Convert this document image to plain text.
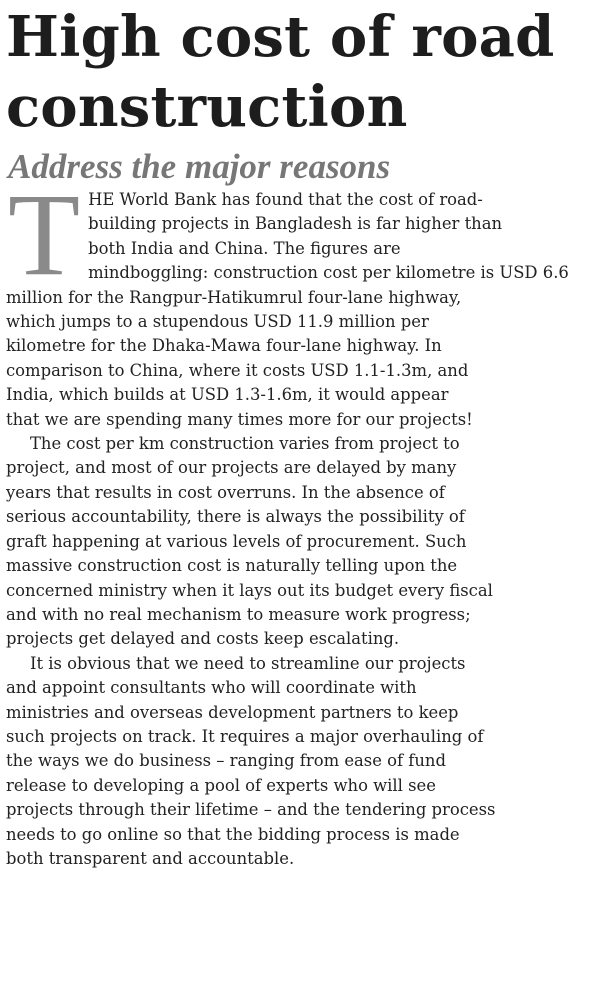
High cost of road construction
Address the major reasons
T HE World Bank has found that the cost of road-
building projects in Bangladesh is far higher than
both India and China. The figures are
mindboggling: construction cost per kilometre is USD 6.6
million for the Rangpur-Hatikumrul four-lane highway,
which jumps to a stupendous USD 11.9 million per
kilometre for the Dhaka-Mawa four-lane highway. In
comparison to China, where it costs USD 1.1-1.3m, and
India, which builds at USD 1.3-1.6m, it would appear
that we are spending many times more for our projects!

The cost per km construction varies from project to
project, and most of our projects are delayed by many
years that results in cost overruns. In the absence of
serious accountability, there is always the possibility of
graft happening at various levels of procurement. Such
massive construction cost is naturally telling upon the
concerned ministry when it lays out its budget every fiscal
and with no real mechanism to measure work progress;
projects get delayed and costs keep escalating.

It is obvious that we need to streamline our projects
and appoint consultants who will coordinate with
ministries and overseas development partners to keep
such projects on track. It requires a major overhauling of
the ways we do business – ranging from ease of fund
release to developing a pool of experts who will see
projects through their lifetime – and the tendering process
needs to go online so that the bidding process is made
both transparent and accountable.
